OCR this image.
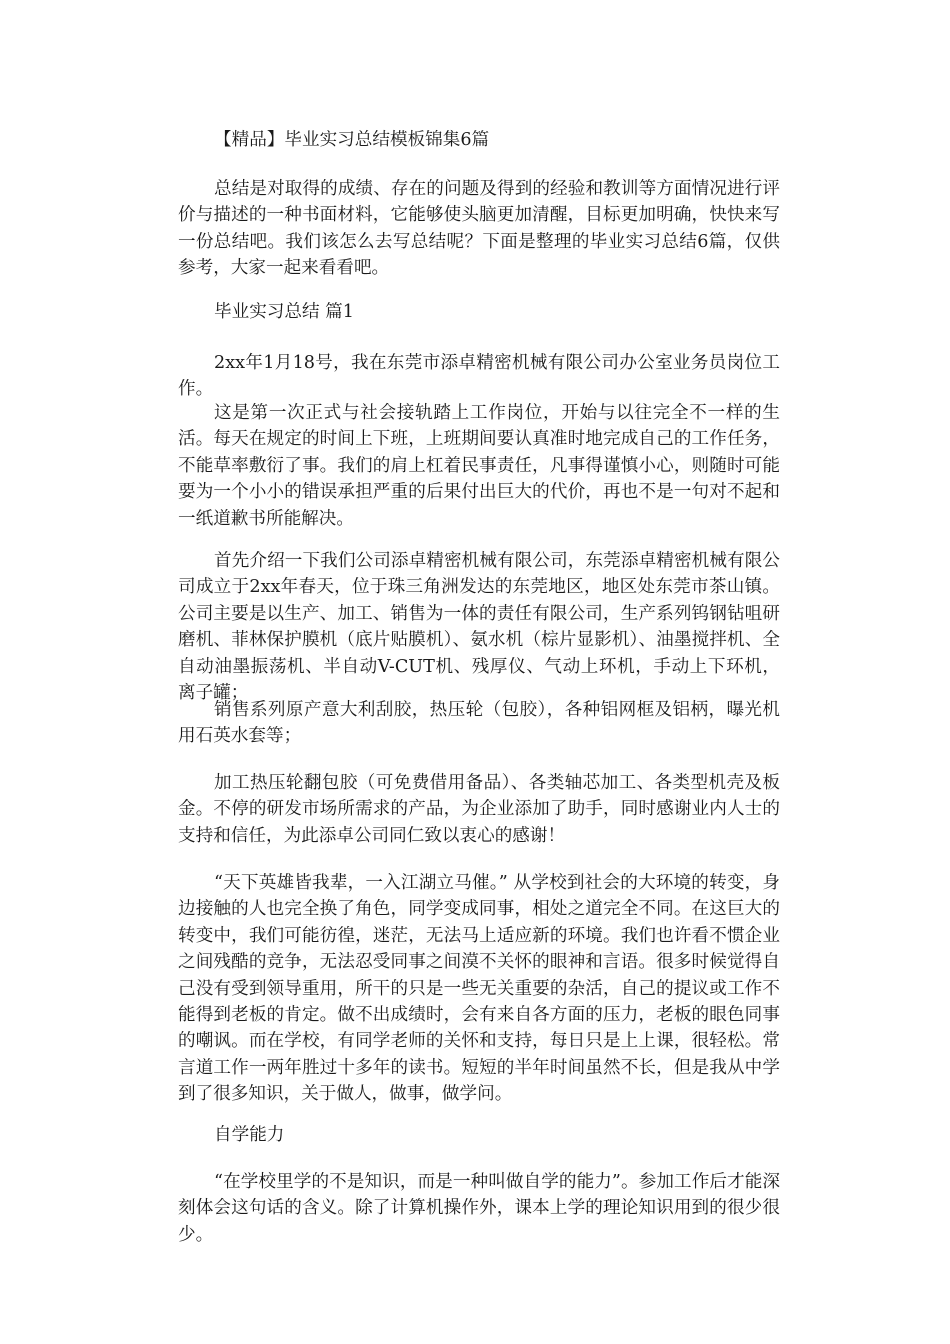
【精品】毕业实习总结模板锦集6篇

总结是对取得的成绩、存在的问题及得到的经验和教训等方面情况进行评价与描述的一种书面材料，它能够使头脑更加清醒，目标更加明确，快快来写一份总结吧。我们该怎么去写总结呢？下面是整理的毕业实习总结6篇，仅供参考，大家一起来看看吧。

毕业实习总结 篇1

2xx年1月18号，我在东莞市添卓精密机械有限公司办公室业务员岗位工作。

这是第一次正式与社会接轨踏上工作岗位，开始与以往完全不一样的生活。每天在规定的时间上下班，上班期间要认真准时地完成自己的工作任务，不能草率敷衍了事。我们的肩上杠着民事责任，凡事得谨慎小心，则随时可能要为一个小小的错误承担严重的后果付出巨大的代价，再也不是一句对不起和一纸道歉书所能解决。

首先介绍一下我们公司添卓精密机械有限公司，东莞添卓精密机械有限公司成立于2xx年春天，位于珠三角洲发达的东莞地区，地区处东莞市茶山镇。公司主要是以生产、加工、销售为一体的责任有限公司，生产系列钨钢钻咀研磨机、菲林保护膜机（底片贴膜机）、氨水机（棕片显影机）、油墨搅拌机、全自动油墨振荡机、半自动V-CUT机、残厚仪、气动上环机，手动上下环机，离子罐；

销售系列原产意大利刮胶，热压轮（包胶），各种铝网框及铝柄，曝光机用石英水套等；

加工热压轮翻包胶（可免费借用备品）、各类轴芯加工、各类型机壳及板金。不停的研发市场所需求的产品，为企业添加了助手，同时感谢业内人士的支持和信任，为此添卓公司同仁致以衷心的感谢！

“天下英雄皆我辈，一入江湖立马催。” 从学校到社会的大环境的转变，身边接触的人也完全换了角色，同学变成同事，相处之道完全不同。在这巨大的转变中，我们可能彷徨，迷茫，无法马上适应新的环境。我们也许看不惯企业之间残酷的竞争，无法忍受同事之间漠不关怀的眼神和言语。很多时候觉得自己没有受到领导重用，所干的只是一些无关重要的杂活，自己的提议或工作不能得到老板的肯定。做不出成绩时，会有来自各方面的压力，老板的眼色同事的嘲讽。而在学校，有同学老师的关怀和支持，每日只是上上课，很轻松。常言道工作一两年胜过十多年的读书。短短的半年时间虽然不长，但是我从中学到了很多知识，关于做人，做事，做学问。

自学能力

“在学校里学的不是知识，而是一种叫做自学的能力”。参加工作后才能深刻体会这句话的含义。除了计算机操作外，课本上学的理论知识用到的很少很少。
